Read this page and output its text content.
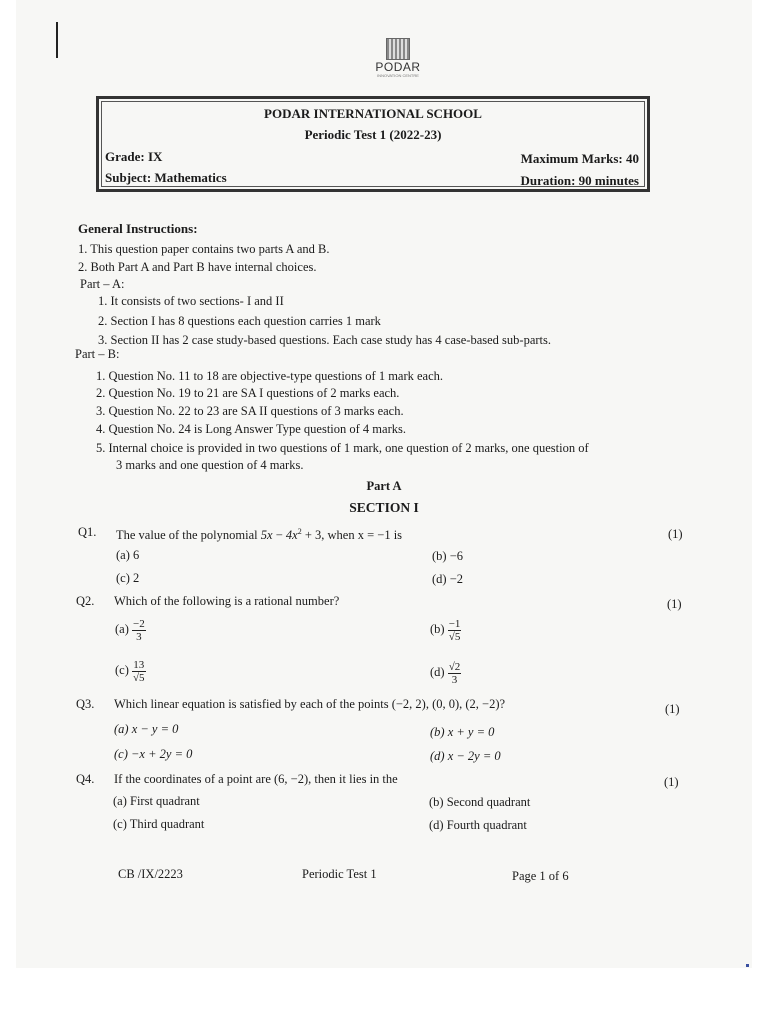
PODAR
INNOVATION CENTRE
PODAR INTERNATIONAL SCHOOL
Periodic Test 1 (2022-23)
Grade: IX
Subject: Mathematics
Maximum Marks: 40
Duration: 90 minutes
General Instructions:
1. This question paper contains two parts A and B.
2. Both Part A and Part B have internal choices.
Part – A:
1. It consists of two sections- I and II
2. Section I has 8 questions each question carries 1 mark
3. Section II has 2 case study-based questions. Each case study has 4 case-based sub-parts.
Part – B:
1. Question No. 11 to 18 are objective-type questions of 1 mark each.
2. Question No. 19 to 21 are SA I questions of 2 marks each.
3. Question No. 22 to 23 are SA II questions of 3 marks each.
4. Question No. 24 is Long Answer Type question of 4 marks.
5. Internal choice is provided in two questions of 1 mark, one question of 2 marks, one question of
3 marks and one question of 4 marks.
Part A
SECTION I
Q1. The value of the polynomial $5x - 4x^2 + 3$, when x = −1 is	(1)
(a) 6	(b) −6
(c) 2	(d) −2
Q2. Which of the following is a rational number?	(1)
$(a) \frac{-2}{3}$	$(b) \frac{-1}{√5}$
$(c) \frac{13}{√5}$	$(d) \frac{√2}{3}$
Q3. Which linear equation is satisfied by each of the points (−2, 2), (0, 0), (2, −2)?	(1)
(a) x − y = 0	(b) x + y = 0
(c) −x + 2y = 0	(d) x − 2y = 0
Q4. If the coordinates of a point are (6, −2), then it lies in the	(1)
(a) First quadrant	(b) Second quadrant
(c) Third quadrant	(d) Fourth quadrant
CB /IX/2223	Periodic Test 1	Page 1 of 6
